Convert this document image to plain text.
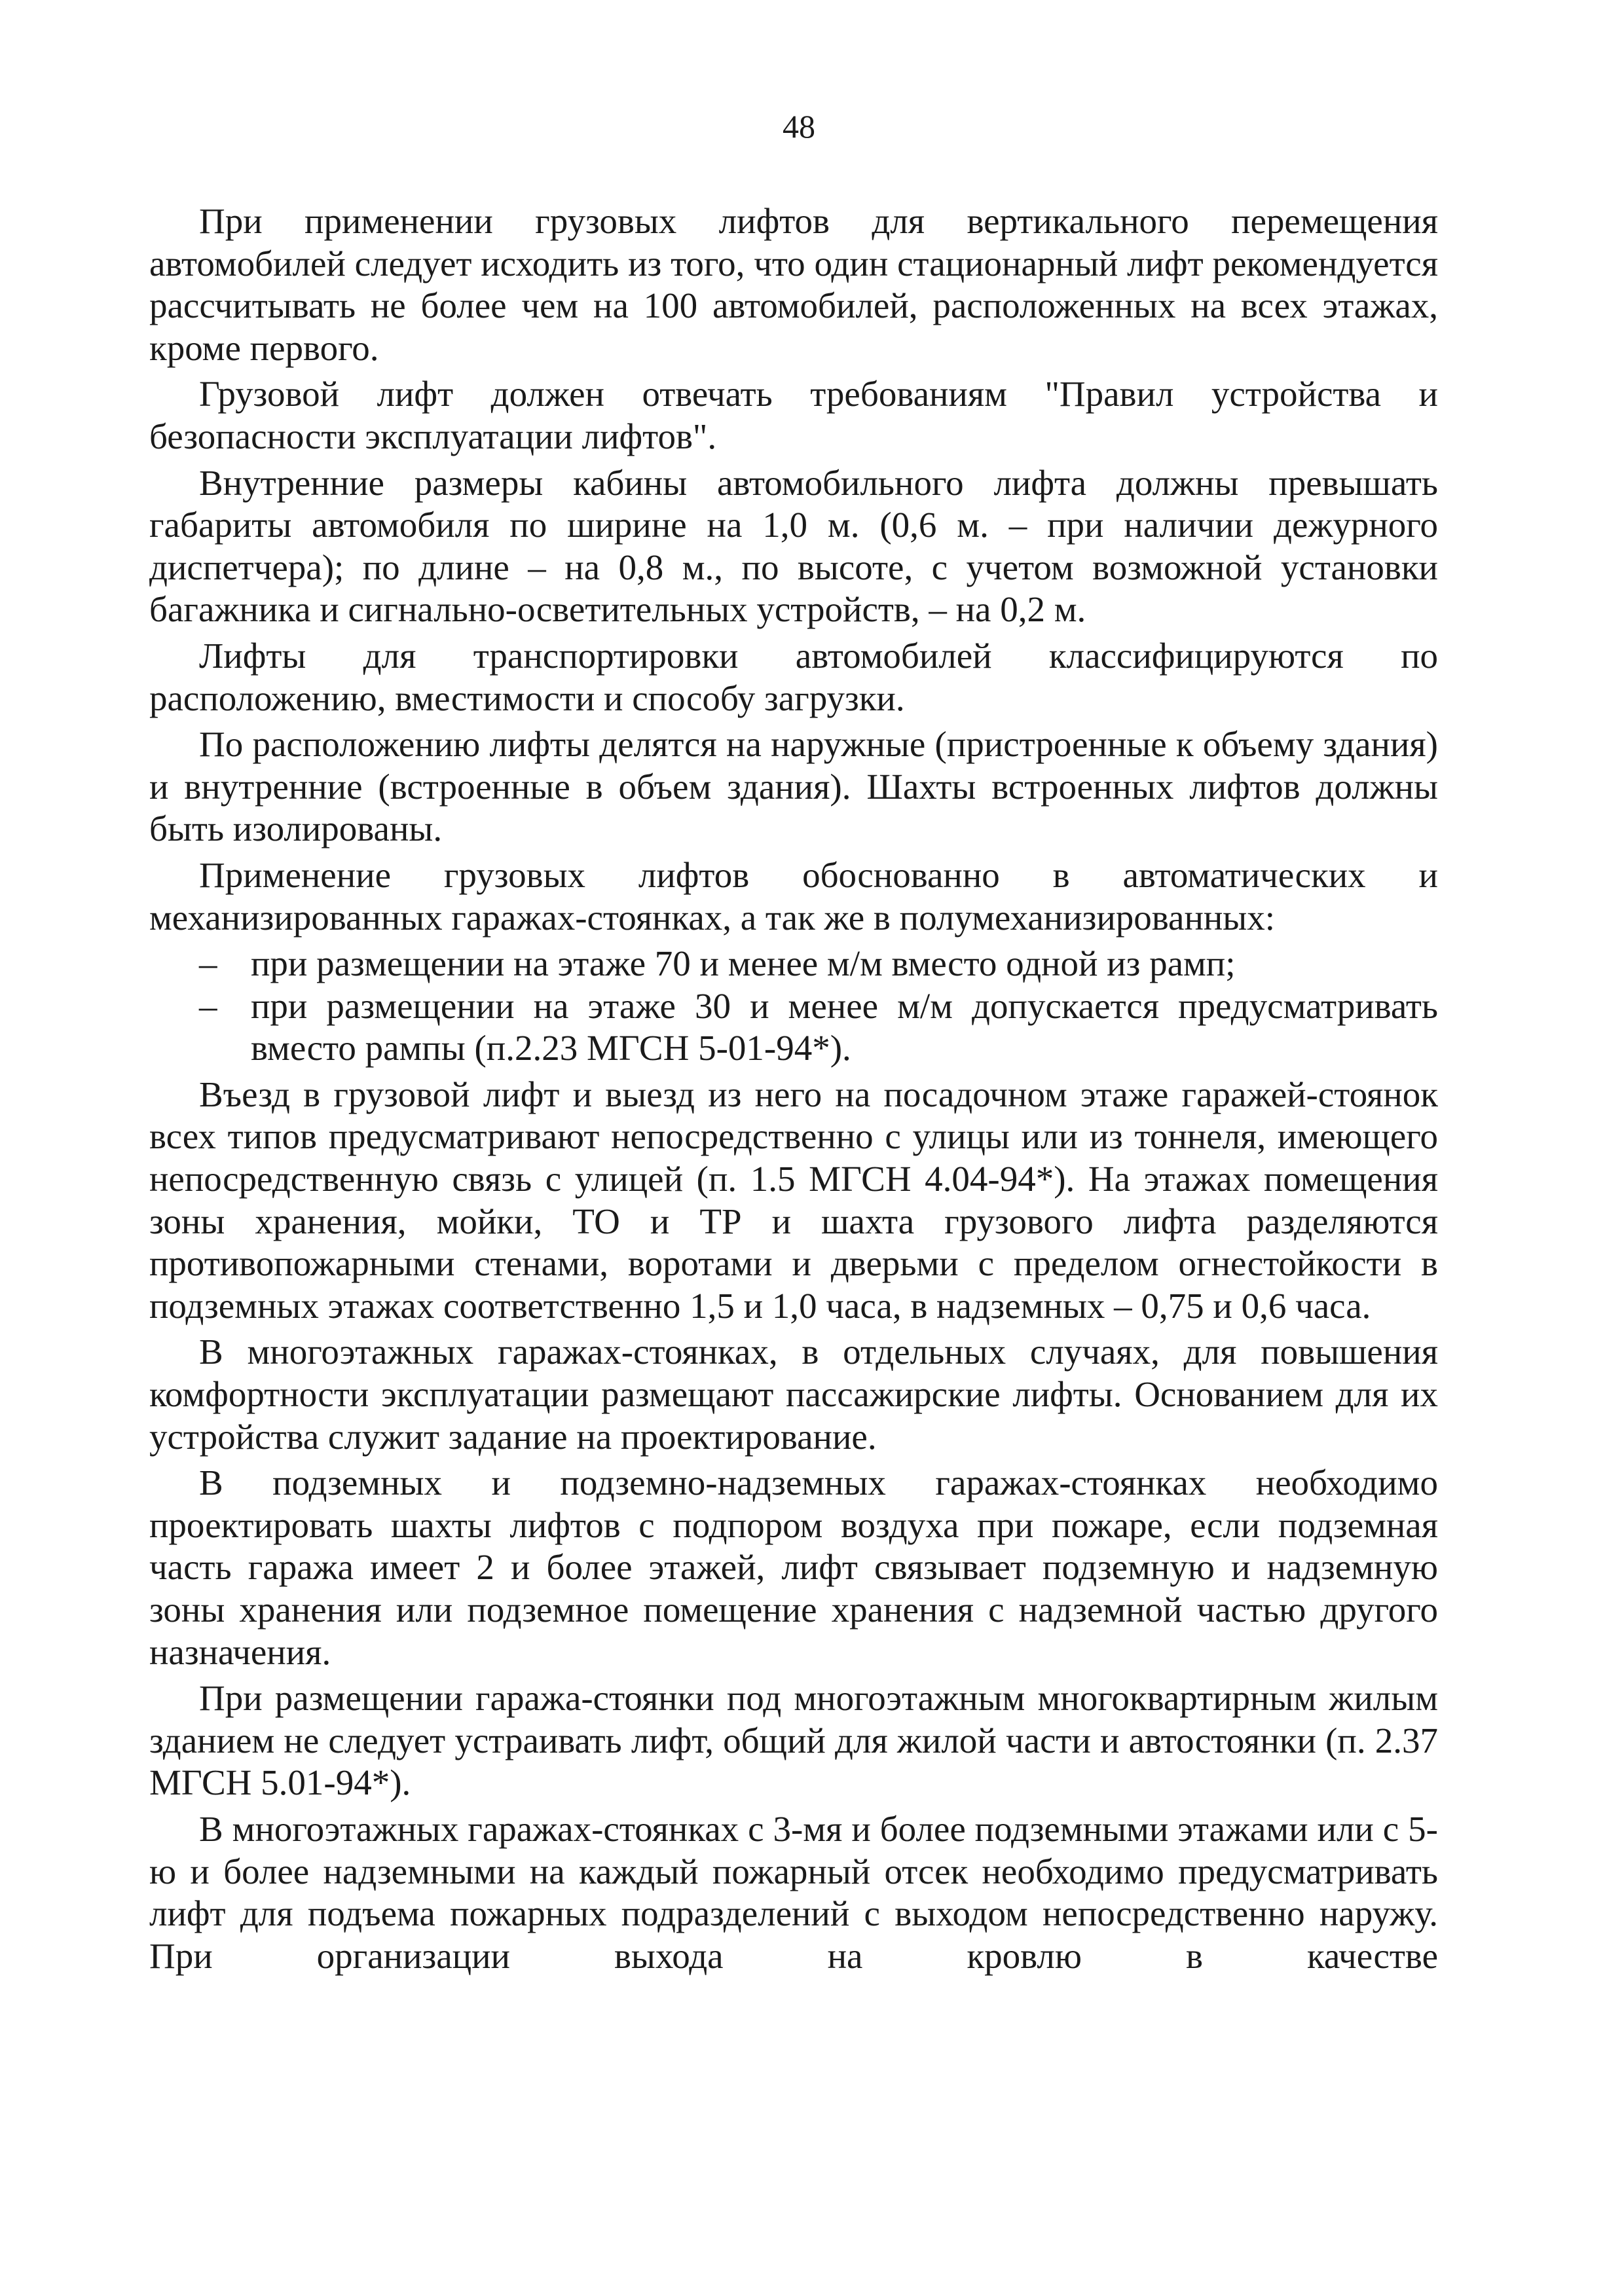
48

При применении грузовых лифтов для вертикального перемещения автомобилей следует исходить из того, что один стационарный лифт рекомендуется рассчитывать не более чем на 100 автомобилей, расположенных на всех этажах, кроме первого.

Грузовой лифт должен отвечать требованиям "Правил устройства и безопасности эксплуатации лифтов".

Внутренние размеры кабины автомобильного лифта должны превышать габариты автомобиля по ширине на 1,0 м. (0,6 м. – при наличии дежурного диспетчера); по длине – на 0,8 м., по высоте, с учетом возможной установки багажника и сигнально-осветительных устройств, – на 0,2 м.

Лифты для транспортировки автомобилей классифицируются по расположению, вместимости и способу загрузки.

По расположению лифты делятся на наружные (пристроенные к объему здания) и внутренние (встроенные в объем здания). Шахты встроенных лифтов должны быть изолированы.

Применение грузовых лифтов обоснованно в автоматических и механизированных гаражах-стоянках, а так же в полумеханизированных:

– при размещении на этаже 70 и менее м/м вместо одной из рамп;
– при размещении на этаже 30 и менее м/м допускается предусматривать вместо рампы (п.2.23 МГСН 5-01-94*).

Въезд в грузовой лифт и выезд из него на посадочном этаже гаражей-стоянок всех типов предусматривают непосредственно с улицы или из тоннеля, имеющего непосредственную связь с улицей (п. 1.5 МГСН 4.04-94*). На этажах помещения зоны хранения, мойки, ТО и ТР и шахта грузового лифта разделяются противопожарными стенами, воротами и дверьми с пределом огнестойкости в подземных этажах соответственно 1,5 и 1,0 часа, в надземных – 0,75 и 0,6 часа.

В многоэтажных гаражах-стоянках, в отдельных случаях, для повышения комфортности эксплуатации размещают пассажирские лифты. Основанием для их устройства служит задание на проектирование.

В подземных и подземно-надземных гаражах-стоянках необходимо проектировать шахты лифтов с подпором воздуха при пожаре, если подземная часть гаража имеет 2 и более этажей, лифт связывает подземную и надземную зоны хранения или подземное помещение хранения с надземной частью другого назначения.

При размещении гаража-стоянки под многоэтажным многоквартирным жилым зданием не следует устраивать лифт, общий для жилой части и автостоянки (п. 2.37 МГСН 5.01-94*).

В многоэтажных гаражах-стоянках с 3-мя и более подземными этажами или с 5-ю и более надземными на каждый пожарный отсек необходимо предусматривать лифт для подъема пожарных подразделений с выходом непосредственно наружу. При организации выхода на кровлю в качестве
